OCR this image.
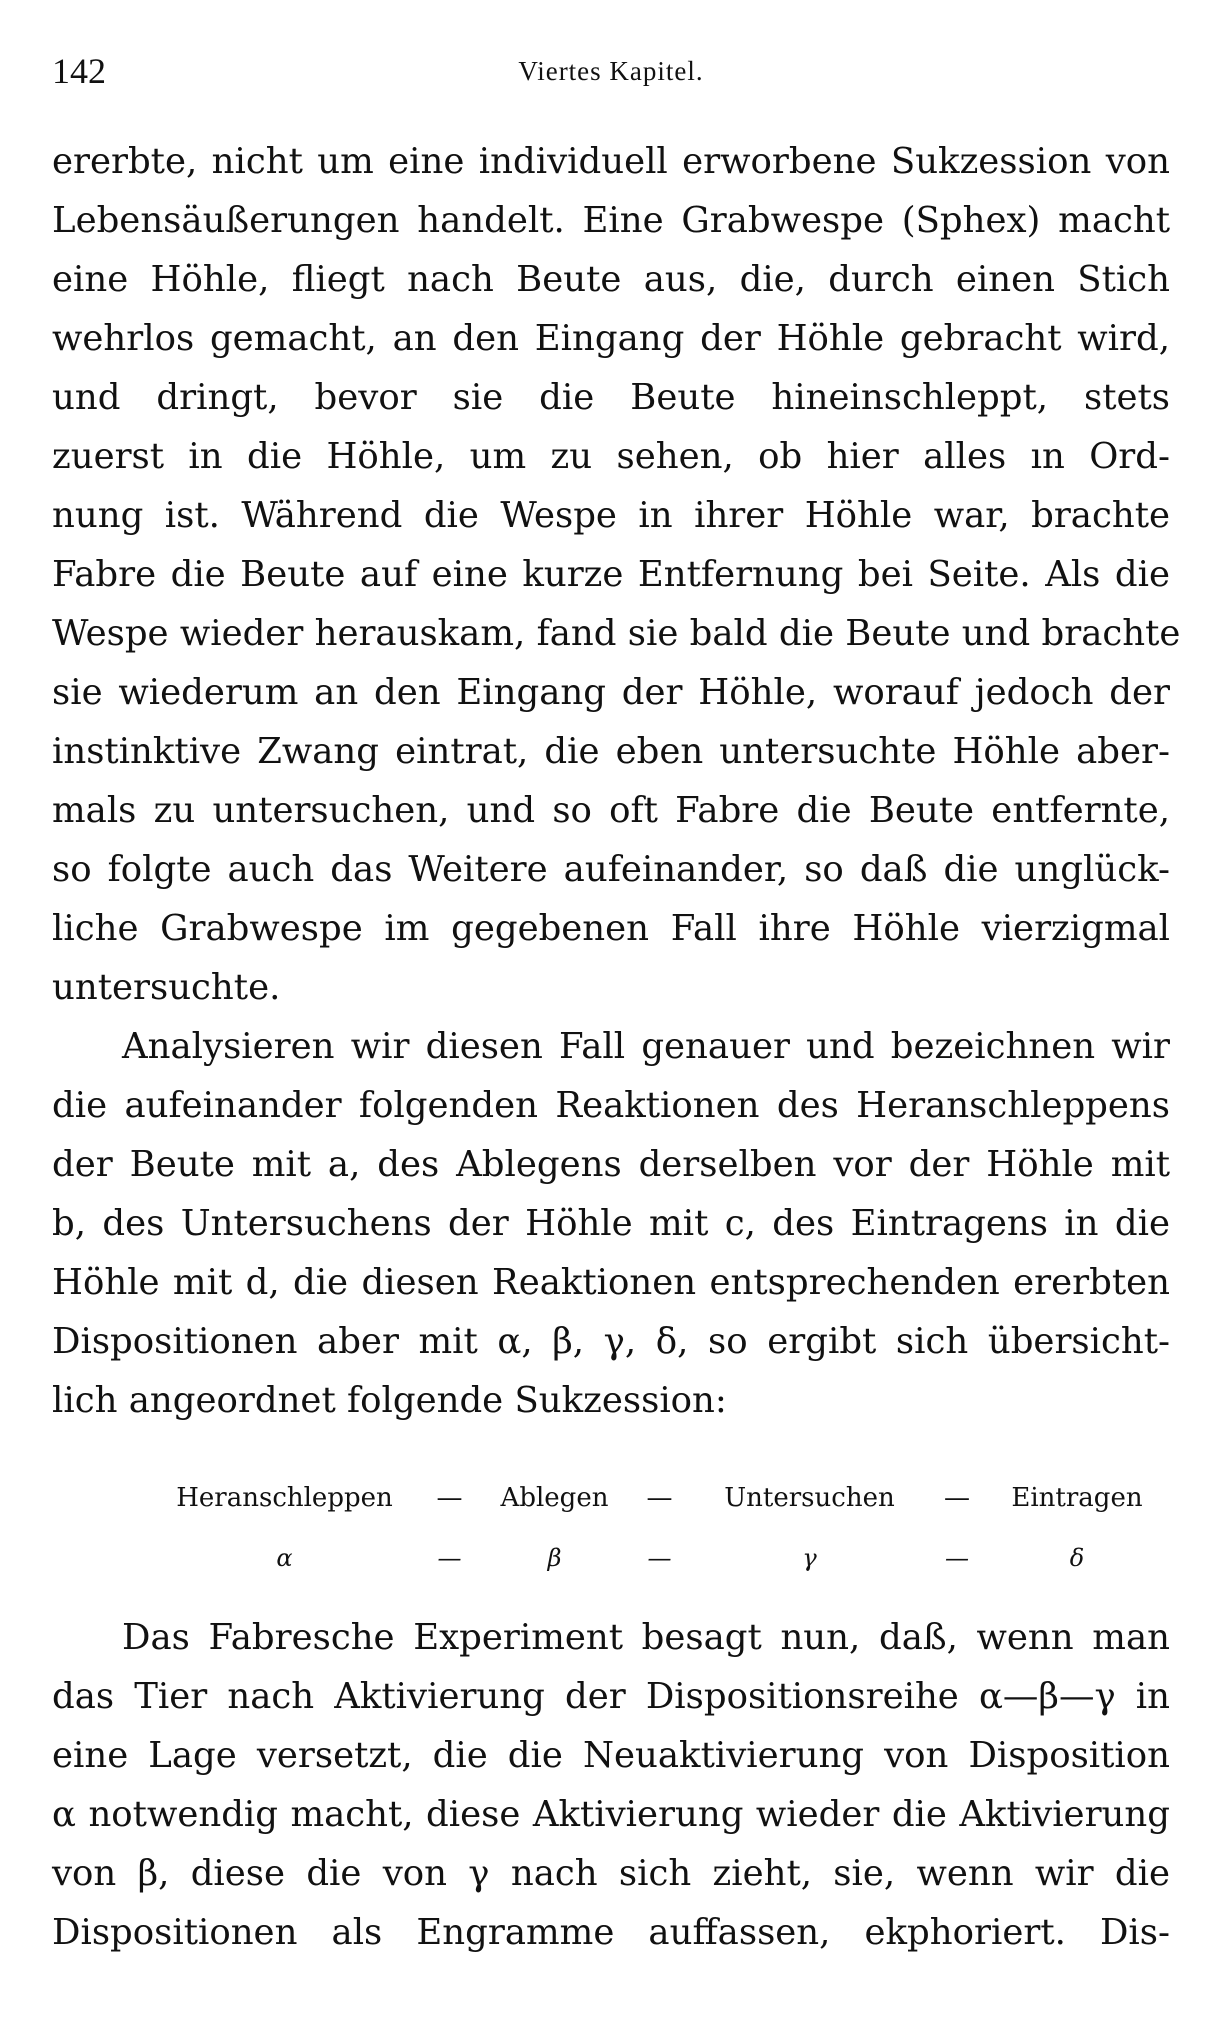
142	Viertes Kapitel.
ererbte, nicht um eine individuell erworbene Sukzession von
Lebensäußerungen handelt. Eine Grabwespe (Sphex) macht
eine Höhle, fliegt nach Beute aus, die, durch einen Stich
wehrlos gemacht, an den Eingang der Höhle gebracht wird,
und dringt, bevor sie die Beute hineinschleppt, stets
zuerst in die Höhle, um zu sehen, ob hier alles ın Ord-
nung ist. Während die Wespe in ihrer Höhle war, brachte
Fabre die Beute auf eine kurze Entfernung bei Seite. Als die
Wespe wieder herauskam, fand sie bald die Beute und brachte
sie wiederum an den Eingang der Höhle, worauf jedoch der
instinktive Zwang eintrat, die eben untersuchte Höhle aber-
mals zu untersuchen, und so oft Fabre die Beute entfernte,
so folgte auch das Weitere aufeinander, so daß die unglück-
liche Grabwespe im gegebenen Fall ihre Höhle vierzigmal
untersuchte.
Analysieren wir diesen Fall genauer und bezeichnen wir
die aufeinander folgenden Reaktionen des Heranschleppens
der Beute mit a, des Ablegens derselben vor der Höhle mit
b, des Untersuchens der Höhle mit c, des Eintragens in die
Höhle mit d, die diesen Reaktionen entsprechenden ererbten
Dispositionen aber mit α, β, γ, δ, so ergibt sich übersicht-
lich angeordnet folgende Sukzession:
Heranschleppen	—	Ablegen	—	Untersuchen	—	Eintragen
α	—	β	—	γ	—	δ
Das Fabresche Experiment besagt nun, daß, wenn man
das Tier nach Aktivierung der Dispositionsreihe α—β—γ in
eine Lage versetzt, die die Neuaktivierung von Disposition
α notwendig macht, diese Aktivierung wieder die Aktivierung
von β, diese die von γ nach sich zieht, sie, wenn wir die
Dispositionen als Engramme auffassen, ekphoriert. Dis-
